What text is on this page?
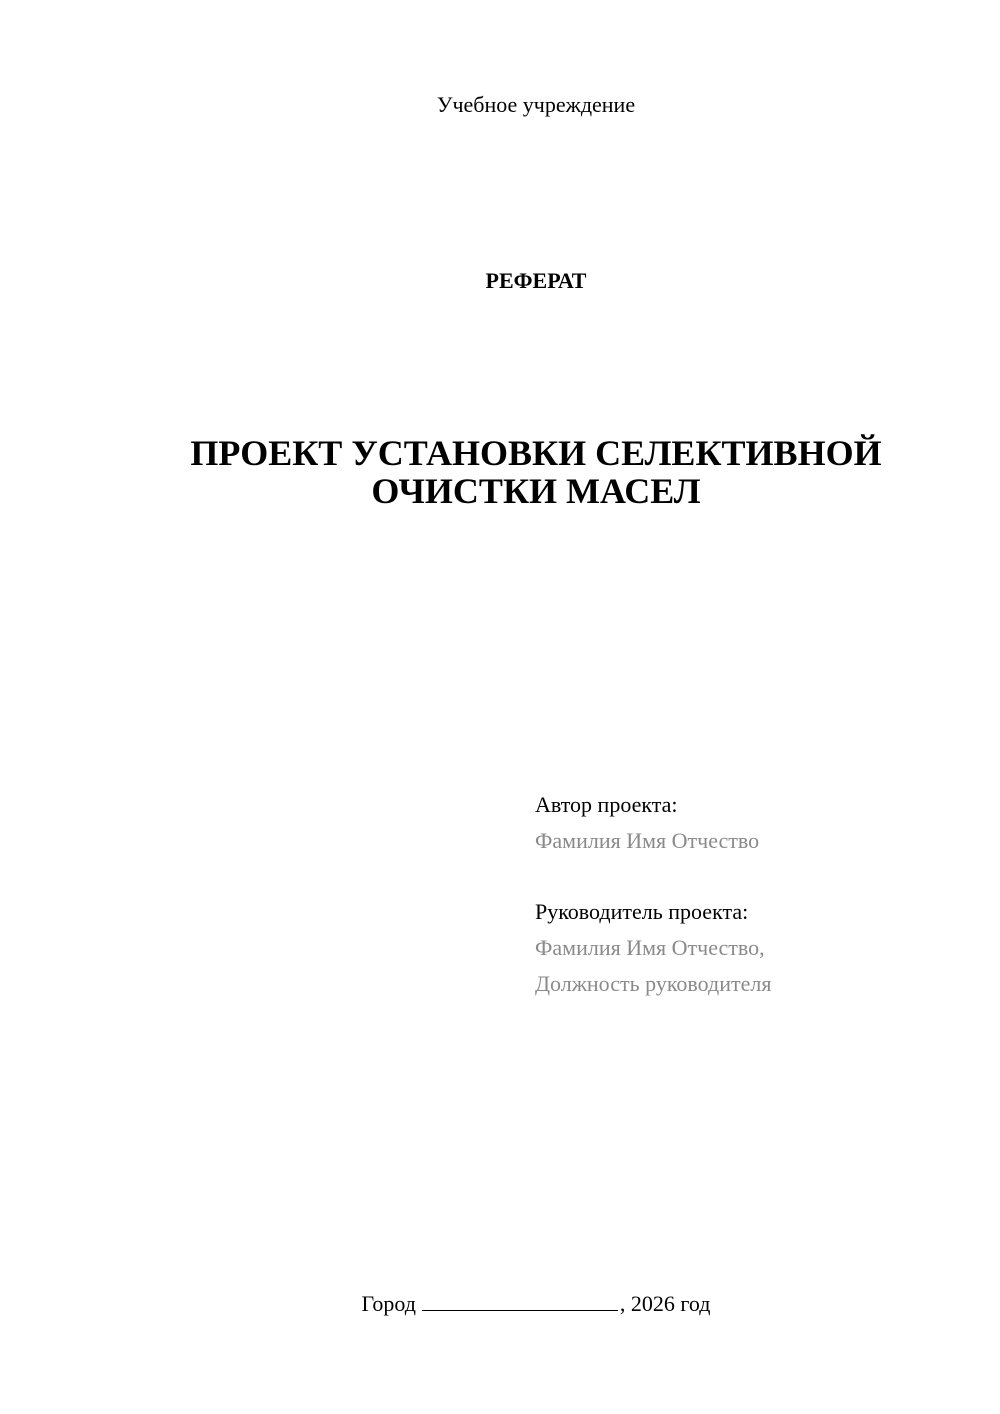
Учебное учреждение
РЕФЕРАТ
ПРОЕКТ УСТАНОВКИ СЕЛЕКТИВНОЙ
ОЧИСТКИ МАСЕЛ
Автор проекта:
Фамилия Имя Отчество
Руководитель проекта:
Фамилия Имя Отчество,
Должность руководителя
Город	, 2026 год
